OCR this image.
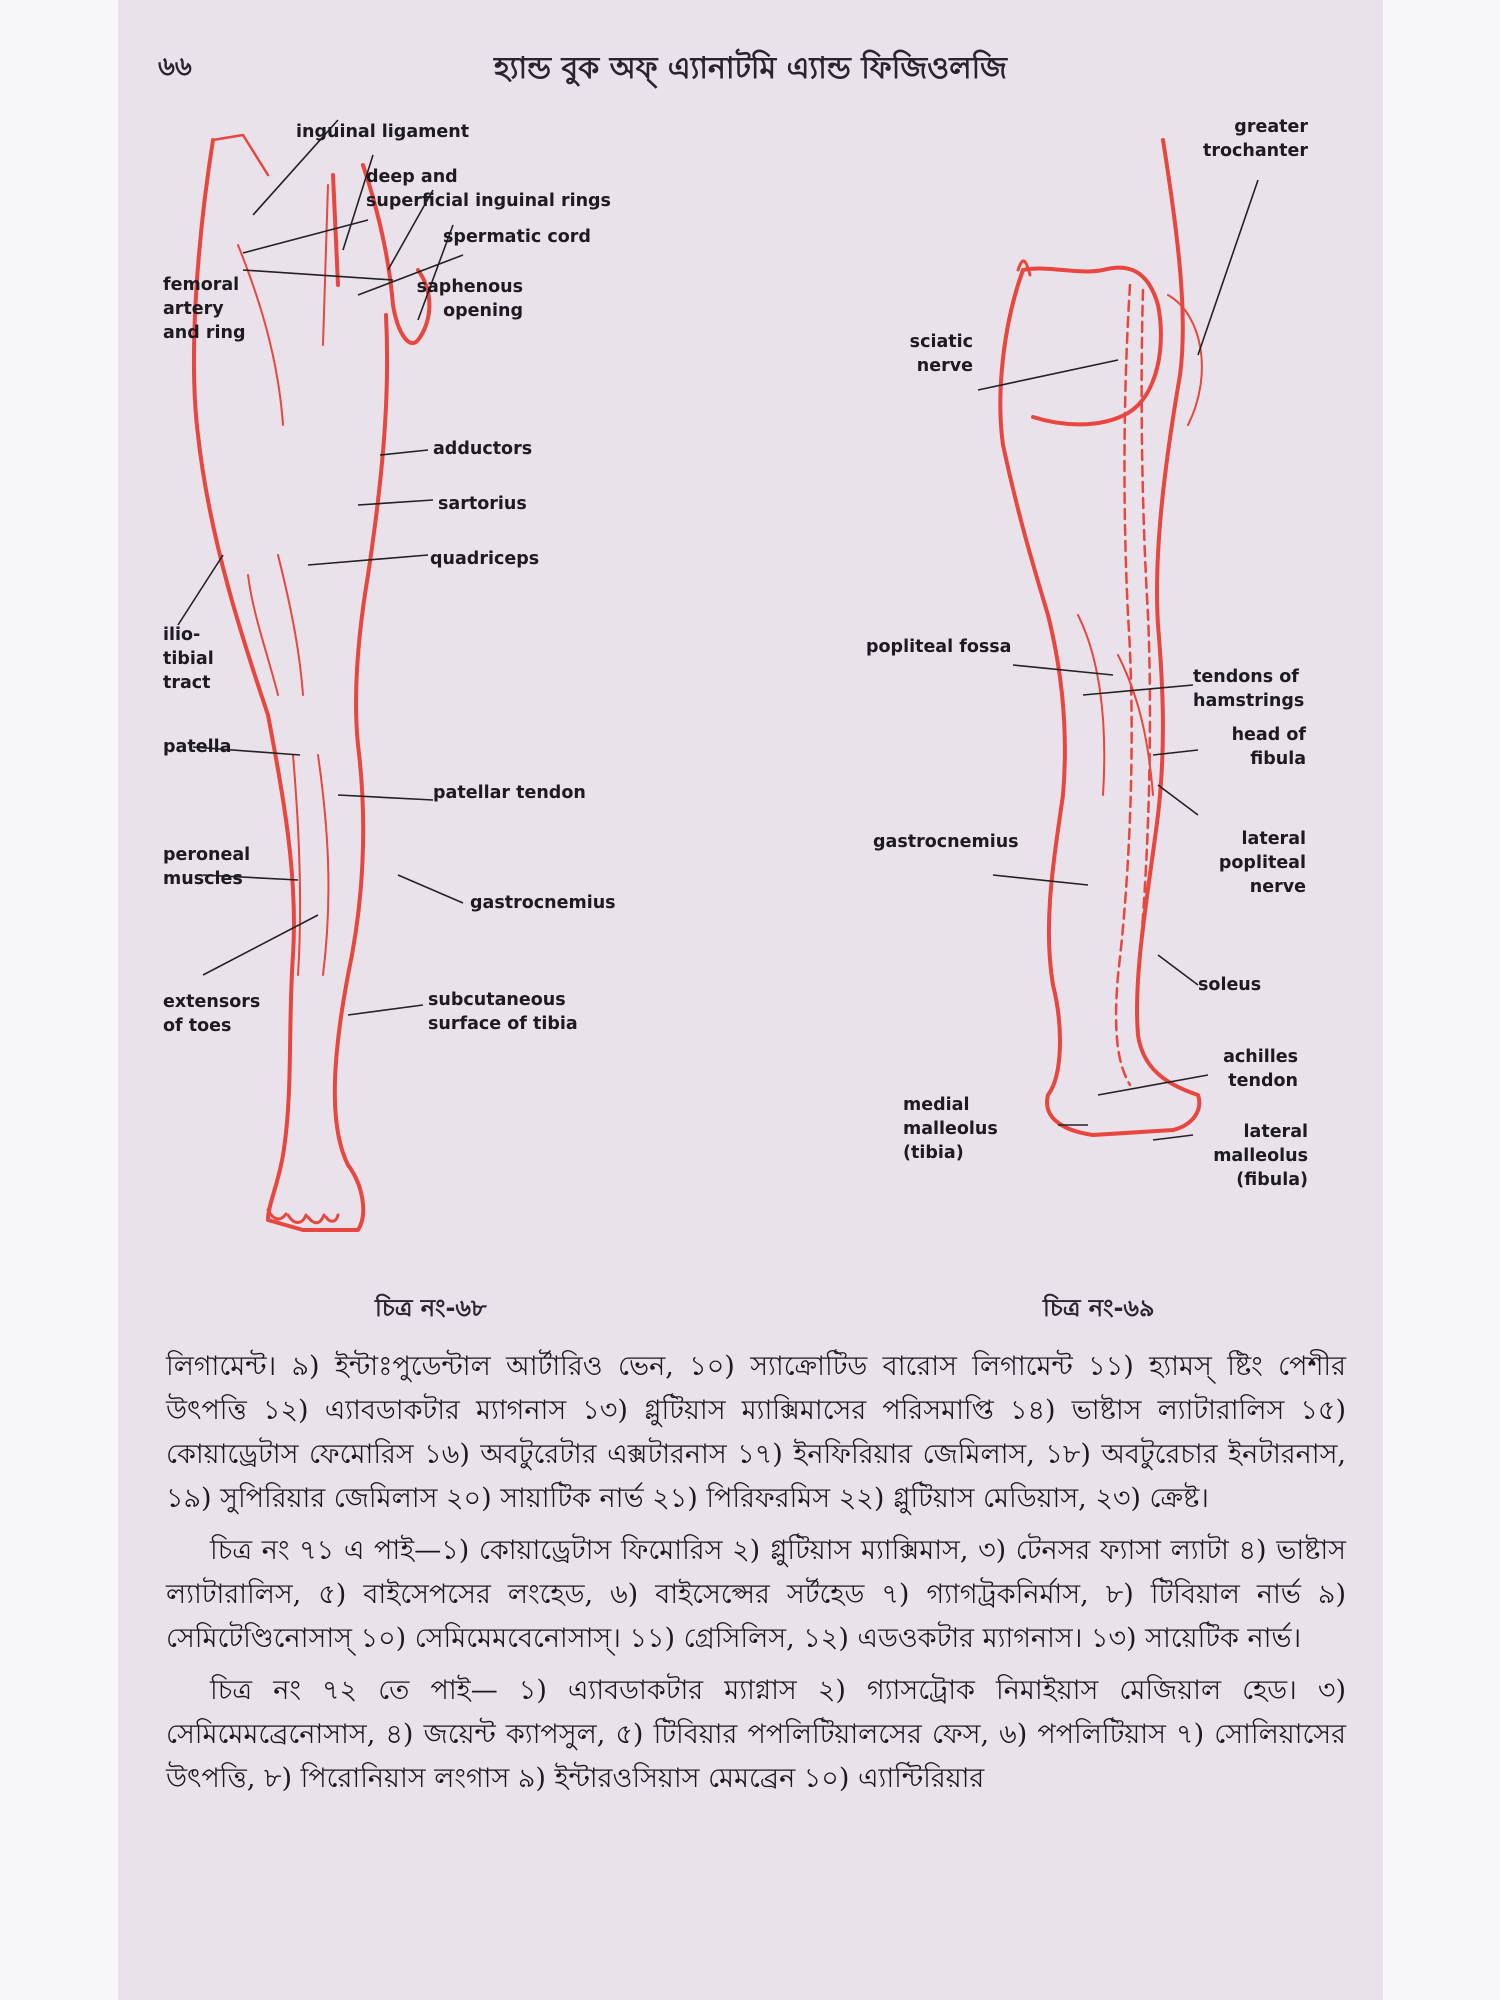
৬৬	হ্যান্ড বুক অফ্ এ্যানাটমি এ্যান্ড ফিজিওলজি
inguinal ligament
deep and
superficial inguinal rings
spermatic cord
femoral
artery
and ring
saphenous
opening
adductors
sartorius
quadriceps
ilio-
tibial
tract
patella
patellar tendon
peroneal
muscles
gastrocnemius
extensors
of toes
subcutaneous
surface of tibia
greater
trochanter
sciatic
nerve
popliteal fossa
tendons of
hamstrings
head of
fibula
gastrocnemius	lateral
popliteal
nerve
soleus
achilles
tendon
medial
malleolus
(tibia)
lateral
malleolus
(fibula)
চিত্র নং-৬৮	চিত্র নং-৬৯

লিগামেন্ট। ৯) ইন্টাঃপুডেন্টাল আর্টারিও ভেন, ১০) স্যাক্রোটিড বারোস লিগামেন্ট ১১) হ্যামস্ ষ্টিং পেশীর উৎপত্তি ১২) এ্যাবডাকটার ম্যাগনাস ১৩) গ্লুটিয়াস ম্যাক্সিমাসের পরিসমাপ্তি ১৪) ভাষ্টাস ল্যাটারালিস ১৫) কোয়াড্রেটাস ফেমোরিস ১৬) অবটুরেটার এক্সটারনাস ১৭) ইনফিরিয়ার জেমিলাস, ১৮) অবটুরেচার ইনটারনাস, ১৯) সুপিরিয়ার জেমিলাস ২০) সায়াটিক নার্ভ ২১) পিরিফরমিস ২২) গ্লুটিয়াস মেডিয়াস, ২৩) ক্রেষ্ট।

চিত্র নং ৭১ এ পাই—১) কোয়াড্রেটাস ফিমোরিস ২) গ্লুটিয়াস ম্যাক্সিমাস, ৩) টেনসর ফ্যাসা ল্যাটা ৪) ভাষ্টাস ল্যাটারালিস, ৫) বাইসেপসের লংহেড, ৬) বাইসেপ্সের সর্টহেড ৭) গ্যাগট্রকনির্মাস, ৮) টিবিয়াল নার্ভ ৯) সেমিটেণ্ডিনোসাস্ ১০) সেমিমেমবেনোসাস্। ১১) গ্রেসিলিস, ১২) এডওকটার ম্যাগনাস। ১৩) সায়েটিক নার্ভ।

চিত্র নং ৭২ তে পাই— ১) এ্যাবডাকটার ম্যাগ্নাস ২) গ্যাসট্রোক নিমাইয়াস মেজিয়াল হেড। ৩) সেমিমেমব্রেনোসাস, ৪) জয়েন্ট ক্যাপসুল, ৫) টিবিয়ার পপলিটিয়ালসের ফেস, ৬) পপলিটিয়াস ৭) সোলিয়াসের উৎপত্তি, ৮) পিরোনিয়াস লংগাস ৯) ইন্টারওসিয়াস মেমব্রেন ১০) এ্যান্টিরিয়ার
